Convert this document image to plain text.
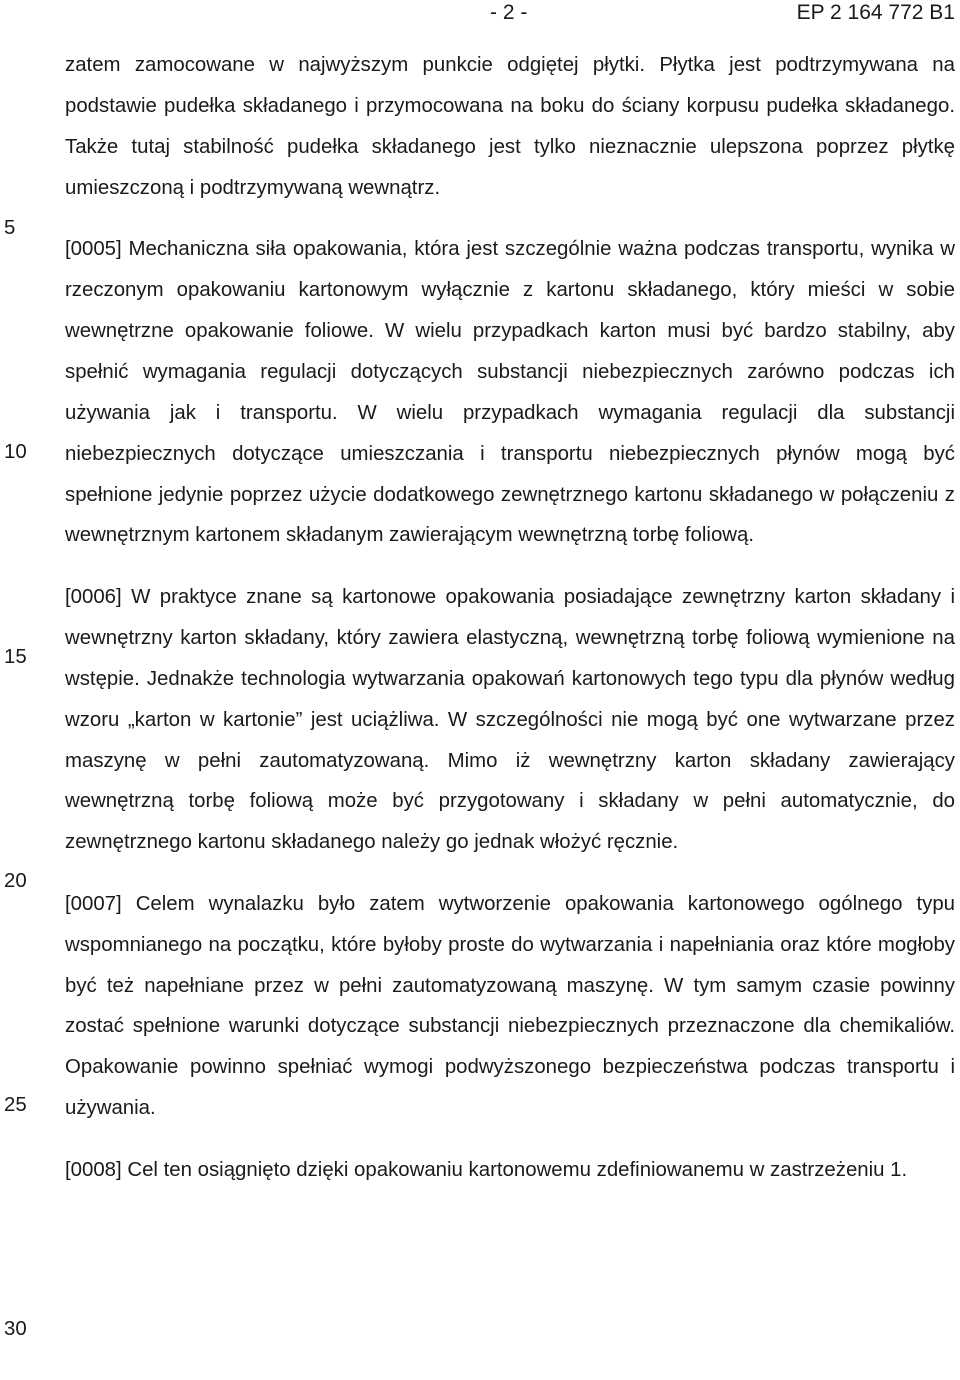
- 2 -	EP 2 164 772 B1
5
10
15
20
25
30

zatem zamocowane w najwyższym punkcie odgiętej płytki. Płytka jest podtrzymywana na podstawie pudełka składanego i przymocowana na boku do ściany korpusu pudełka składanego. Także tutaj stabilność pudełka składanego jest tylko nieznacznie ulepszona poprzez płytkę umieszczoną i podtrzymywaną wewnątrz.

[0005] Mechaniczna siła opakowania, która jest szczególnie ważna podczas transportu, wynika w rzeczonym opakowaniu kartonowym wyłącznie z kartonu składanego, który mieści w sobie wewnętrzne opakowanie foliowe. W wielu przypadkach karton musi być bardzo stabilny, aby spełnić wymagania regulacji dotyczących substancji niebezpiecznych zarówno podczas ich używania jak i transportu. W wielu przypadkach wymagania regulacji dla substancji niebezpiecznych dotyczące umieszczania i transportu niebezpiecznych płynów mogą być spełnione jedynie poprzez użycie dodatkowego zewnętrznego kartonu składanego w połączeniu z wewnętrznym kartonem składanym zawierającym wewnętrzną torbę foliową.

[0006] W praktyce znane są kartonowe opakowania posiadające zewnętrzny karton składany i wewnętrzny karton składany, który zawiera elastyczną, wewnętrzną torbę foliową wymienione na wstępie. Jednakże technologia wytwarzania opakowań kartonowych tego typu dla płynów według wzoru „karton w kartonie” jest uciążliwa. W szczególności nie mogą być one wytwarzane przez maszynę w pełni zautomatyzowaną. Mimo iż wewnętrzny karton składany zawierający wewnętrzną torbę foliową może być przygotowany i składany w pełni automatycznie, do zewnętrznego kartonu składanego należy go jednak włożyć ręcznie.

[0007] Celem wynalazku było zatem wytworzenie opakowania kartonowego ogólnego typu wspomnianego na początku, które byłoby proste do wytwarzania i napełniania oraz które mogłoby być też napełniane przez w pełni zautomatyzowaną maszynę. W tym samym czasie powinny zostać spełnione warunki dotyczące substancji niebezpiecznych przeznaczone dla chemikaliów. Opakowanie powinno spełniać wymogi podwyższonego bezpieczeństwa podczas transportu i używania.

[0008] Cel ten osiągnięto dzięki opakowaniu kartonowemu zdefiniowanemu w zastrzeżeniu 1.
